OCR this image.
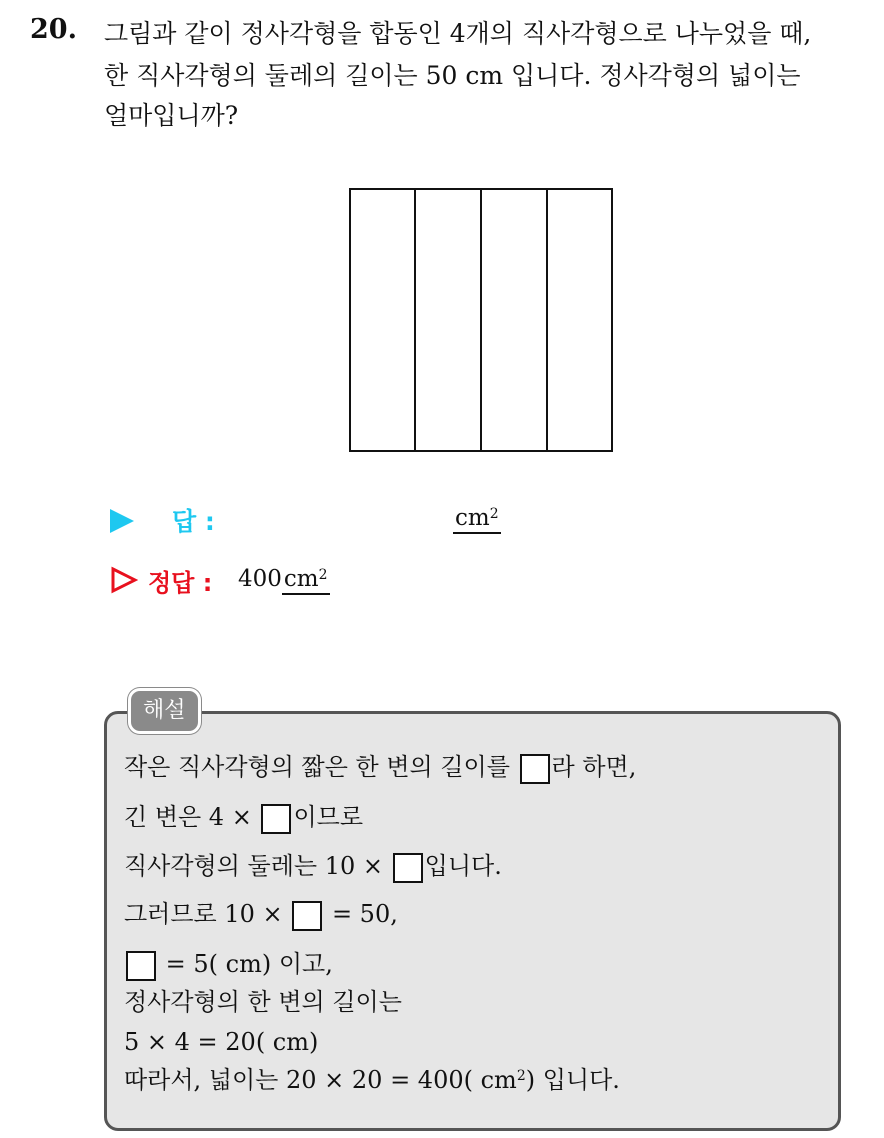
20. 그림과 같이 정사각형을 합동인 4개의 직사각형으로 나누었을 때,
한 직사각형의 둘레의 길이는 50 cm 입니다. 정사각형의 넓이는
얼마입니까?
답 :	$cm^2$
정답 : $400cm^2$
해설
작은 직사각형의 짧은 한 변의 길이를 라 하면,
긴 변은 4 × 이므로
직사각형의 둘레는 10 × 입니다.
그러므로 10 × = 50,
= 5( cm) 이고,
정사각형의 한 변의 길이는
5 × 4 = 20( cm)
따라서, 넓이는 20 × 20 = 400( $cm^2$) 입니다.
